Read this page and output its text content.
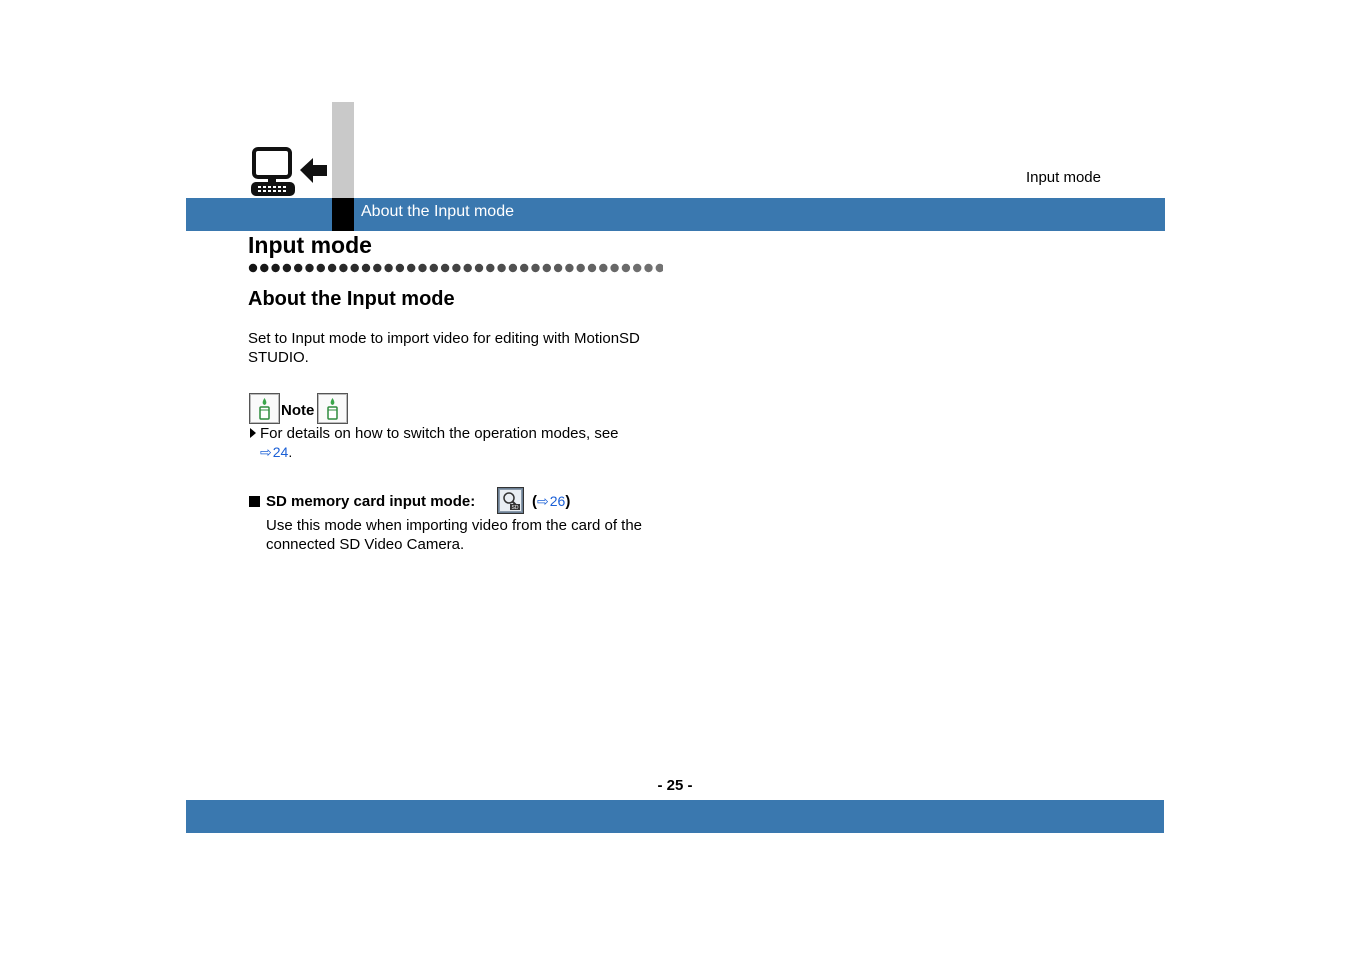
Input mode
About the Input mode
Input mode
About the Input mode
Set to Input mode to import video for editing with MotionSD STUDIO.
Note
For details on how to switch the operation modes, see
⇨24.
SD memory card input mode:	SD (⇨26)
Use this mode when importing video from the card of the connected SD Video Camera.
- 25 -
